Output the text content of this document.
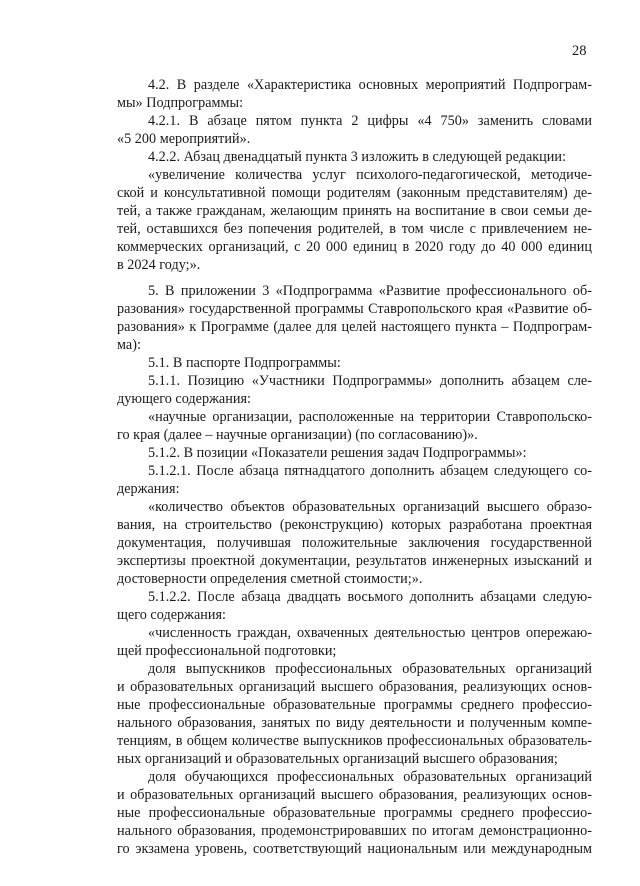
28
4.2. В разделе «Характеристика основных мероприятий Подпрограм-
мы» Подпрограммы:
4.2.1. В абзаце пятом пункта 2 цифры «4 750» заменить словами
«5 200 мероприятий».
4.2.2. Абзац двенадцатый пункта 3 изложить в следующей редакции:
«увеличение количества услуг психолого-педагогической, методиче-
ской и консультативной помощи родителям (законным представителям) де-
тей, а также гражданам, желающим принять на воспитание в свои семьи де-
тей, оставшихся без попечения родителей, в том числе с привлечением не-
коммерческих организаций, с 20 000 единиц в 2020 году до 40 000 единиц
в 2024 году;».
5. В приложении 3 «Подпрограмма «Развитие профессионального об-
разования» государственной программы Ставропольского края «Развитие об-
разования» к Программе (далее для целей настоящего пункта – Подпрограм-
ма):
5.1. В паспорте Подпрограммы:
5.1.1. Позицию «Участники Подпрограммы» дополнить абзацем сле-
дующего содержания:
«научные организации, расположенные на территории Ставропольско-
го края (далее – научные организации) (по согласованию)».
5.1.2. В позиции «Показатели решения задач Подпрограммы»:
5.1.2.1. После абзаца пятнадцатого дополнить абзацем следующего со-
держания:
«количество объектов образовательных организаций высшего образо-
вания, на строительство (реконструкцию) которых разработана проектная
документация, получившая положительные заключения государственной
экспертизы проектной документации, результатов инженерных изысканий и
достоверности определения сметной стоимости;».
5.1.2.2. После абзаца двадцать восьмого дополнить абзацами следую-
щего содержания:
«численность граждан, охваченных деятельностью центров опережаю-
щей профессиональной подготовки;
доля выпускников профессиональных образовательных организаций
и образовательных организаций высшего образования, реализующих основ-
ные профессиональные образовательные программы среднего профессио-
нального образования, занятых по виду деятельности и полученным компе-
тенциям, в общем количестве выпускников профессиональных образователь-
ных организаций и образовательных организаций высшего образования;
доля обучающихся профессиональных образовательных организаций
и образовательных организаций высшего образования, реализующих основ-
ные профессиональные образовательные программы среднего профессио-
нального образования, продемонстрировавших по итогам демонстрационно-
го экзамена уровень, соответствующий национальным или международным
